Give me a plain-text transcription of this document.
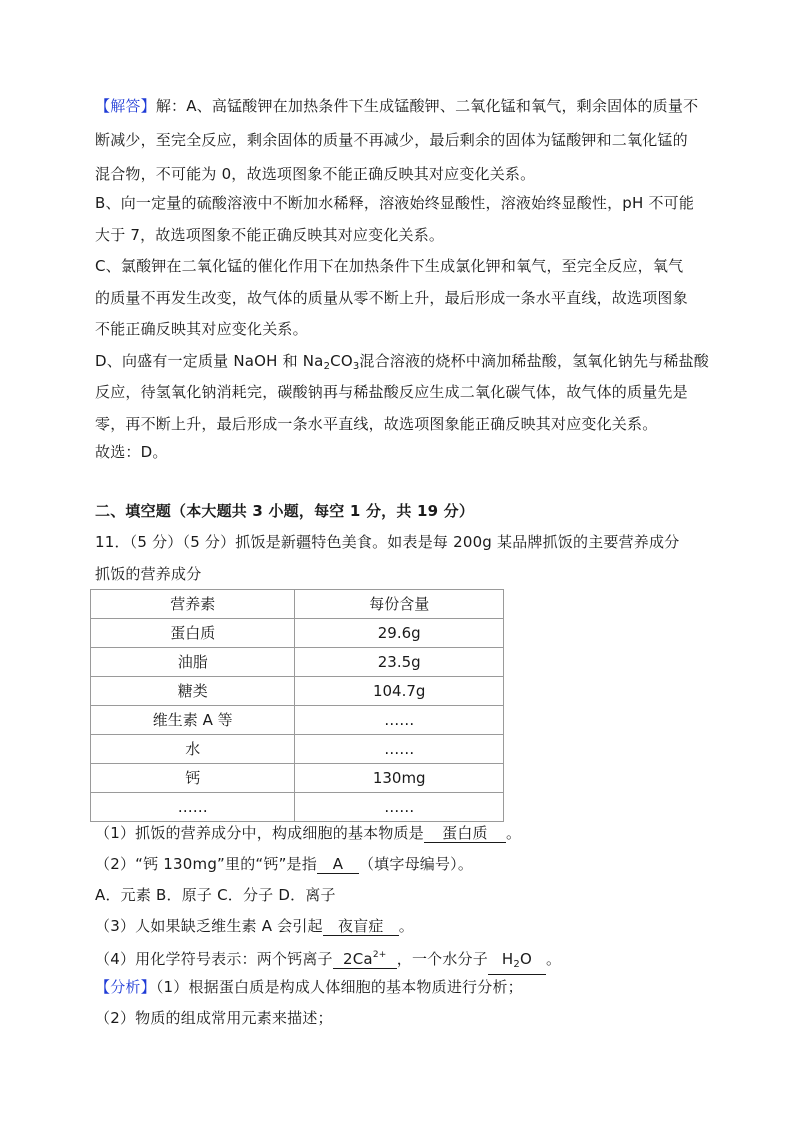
【解答】解：A、高锰酸钾在加热条件下生成锰酸钾、二氧化锰和氧气，剩余固体的质量不
断减少，至完全反应，剩余固体的质量不再减少，最后剩余的固体为锰酸钾和二氧化锰的
混合物，不可能为 0，故选项图象不能正确反映其对应变化关系。
B、向一定量的硫酸溶液中不断加水稀释，溶液始终显酸性，溶液始终显酸性，pH 不可能
大于 7，故选项图象不能正确反映其对应变化关系。
C、氯酸钾在二氧化锰的催化作用下在加热条件下生成氯化钾和氧气，至完全反应，氧气
的质量不再发生改变，故气体的质量从零不断上升，最后形成一条水平直线，故选项图象
不能正确反映其对应变化关系。
D、向盛有一定质量 NaOH 和 $Na_2CO_3$混合溶液的烧杯中滴加稀盐酸，氢氧化钠先与稀盐酸
反应，待氢氧化钠消耗完，碳酸钠再与稀盐酸反应生成二氧化碳气体，故气体的质量先是
零，再不断上升，最后形成一条水平直线，故选项图象能正确反映其对应变化关系。
故选：D。
二、填空题（本大题共 3 小题，每空 1 分，共 19 分）
11．（5 分）（5 分）抓饭是新疆特色美食。如表是每 200g 某品牌抓饭的主要营养成分
抓饭的营养成分
营养素	每份含量
蛋白质	29.6g
油脂	23.5g
糖类	104.7g
维生素 A 等	……
水	……
钙	130mg
……	……
（1）抓饭的营养成分中，构成细胞的基本物质是 蛋白质 。
（2）“钙 130mg”里的“钙”是指 A （填字母编号）。
A．元素 B．原子 C．分子 D．离子
（3）人如果缺乏维生素 A 会引起 夜盲症 。
（4）用化学符号表示：两个钙离子 $2Ca^{2+}$ ，一个水分子 $H_2O$ 。
【分析】（1）根据蛋白质是构成人体细胞的基本物质进行分析；
（2）物质的组成常用元素来描述；
